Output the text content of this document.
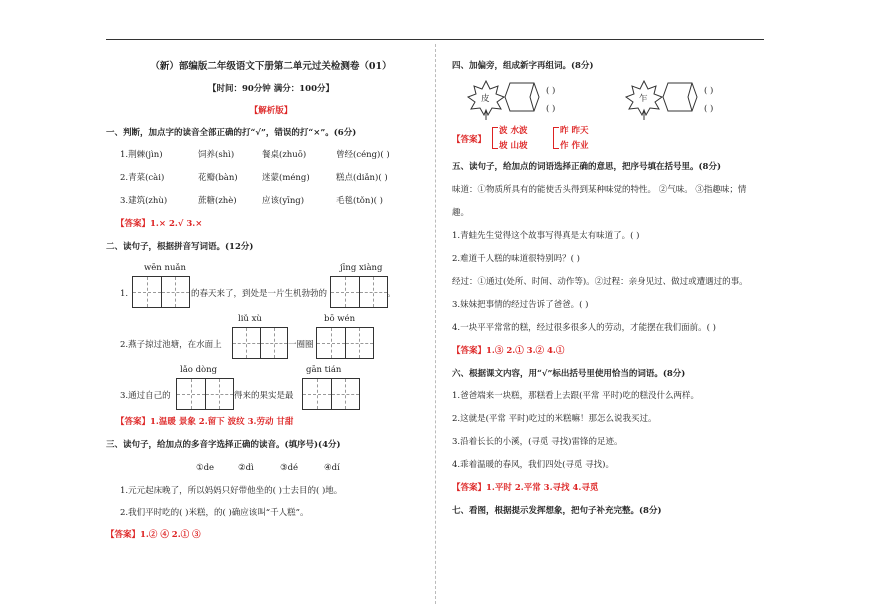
（新）部编版二年级语文下册第二单元过关检测卷（01）
【时间：90分钟 满分：100分】
【解析版】
一、判断，加点字的读音全部正确的打“√”，错误的打“×”。(6分)
1.荆棘(jìn)	饲养(shì)	餐桌(zhuō)	曾经(céng)( )
2.青菜(cài)	花瓣(bàn)	迷蒙(méng)	糕点(diǎn)( )
3.建筑(zhù)	蔗糖(zhè)	应该(yīng)	毛毯(tǒn)( )
【答案】1.× 2.√ 3.×
二、读句子，根据拼音写词语。(12分)
wēn nuǎn	jīng xiàng
1.	的春天来了，到处是一片生机勃勃的	。
liǔ xù	bō wén
2.燕子掠过池塘，在水面上	一圈圈
lǎo dòng	gān tián
3.通过自己的	得来的果实是最
【答案】1.温暖 景象 2.留下 波纹 3.劳动 甘甜
三、读句子，给加点的多音字选择正确的读音。(填序号)(4分)
①de	②dì	③dé	④dí
1.元元起床晚了，所以妈妈只好带他坐的( )士去目的( )地。
2.我们平时吃的( )米糕，的( )确应该叫“千人糕”。
【答案】1.② ④ 2.① ③
四、加偏旁，组成新字再组词。(8分)
皮
( )
( )
乍
( )
( )
【答案】
波 水波
坡 山坡
昨 昨天
作 作业
五、读句子，给加点的词语选择正确的意思，把序号填在括号里。(8分)
味道：①物质所具有的能使舌头得到某种味觉的特性。 ②气味。 ③指趣味；情
趣。
1.青蛙先生觉得这个故事写得真是太有味道了。( )
2.难道千人糕的味道很特别吗？( )
经过：①通过(处所、时间、动作等)。②过程：亲身见过、做过或遭遇过的事。
3.妹妹把事情的经过告诉了爸爸。( )
4.一块平平常常的糕，经过很多很多人的劳动，才能摆在我们面前。( )
【答案】1.③ 2.① 3.② 4.①
六、根据课文内容，用“√”标出括号里使用恰当的词语。(8分)
1.爸爸端来一块糕，那糕看上去跟(平常 平时)吃的糕没什么两样。
2.这就是(平常 平时)吃过的米糕嘛！那怎么说我买过。
3.沿着长长的小溪，(寻觅 寻找)雷锋的足迹。
4.乖着温暖的春风，我们四处(寻觅 寻找)。
【答案】1.平时 2.平常 3.寻找 4.寻觅
七、看图，根据提示发挥想象，把句子补充完整。(8分)
